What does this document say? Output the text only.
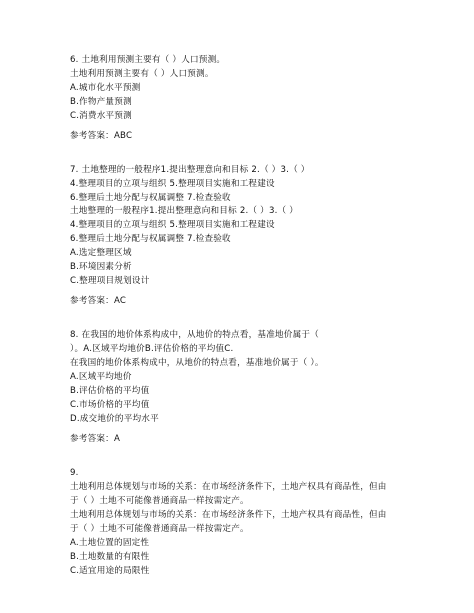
6. 土地利用预测主要有（ ）人口预测。
土地利用预测主要有（ ）人口预测。
A.城市化水平预测
B.作物产量预测
C.消费水平预测
参考答案：ABC
7. 土地整理的一般程序1.提出整理意向和目标 2.（ ）3.（ ）
4.整理项目的立项与组织 5.整理项目实施和工程建设
6.整理后土地分配与权属调整 7.检查验收
土地整理的一般程序1.提出整理意向和目标 2.（ ）3.（ ）
4.整理项目的立项与组织 5.整理项目实施和工程建设
6.整理后土地分配与权属调整 7.检查验收
A.选定整理区域
B.环境因素分析
C.整理项目规划设计
参考答案：AC
8. 在我国的地价体系构成中，从地价的特点看，基准地价属于（
）。A.区域平均地价B.评估价格的平均值C.
在我国的地价体系构成中，从地价的特点看，基准地价属于（ ）。
A.区域平均地价
B.评估价格的平均值
C.市场价格的平均值
D.成交地价的平均水平
参考答案：A
9.
土地利用总体规划与市场的关系：在市场经济条件下，土地产权具有商品性，但由
于（ ）土地不可能像普通商品一样按需定产。
土地利用总体规划与市场的关系：在市场经济条件下，土地产权具有商品性，但由
于（ ）土地不可能像普通商品一样按需定产。
A.土地位置的固定性
B.土地数量的有限性
C.适宜用途的局限性
